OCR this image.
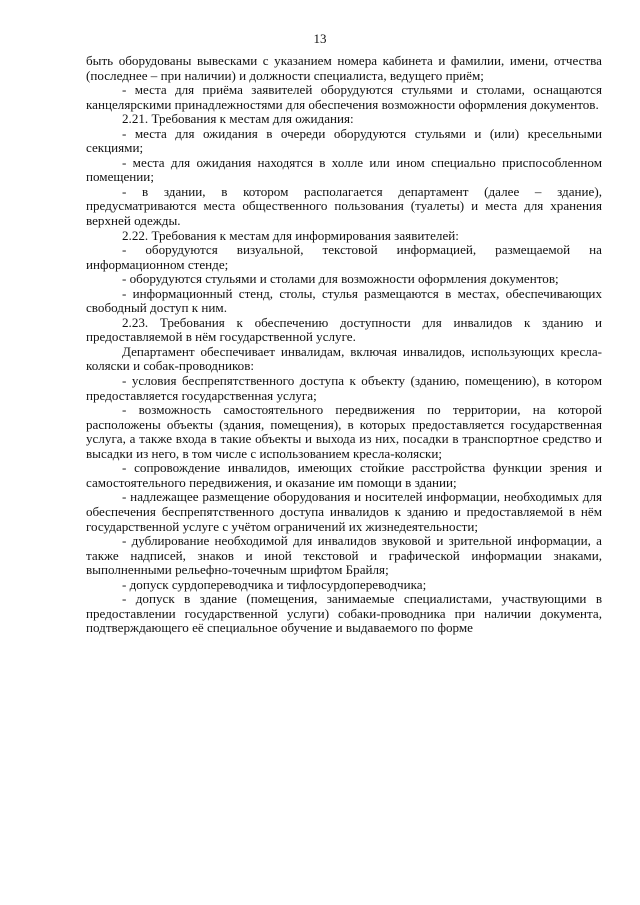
13

быть оборудованы вывесками с указанием номера кабинета и фамилии, имени, отчества (последнее – при наличии) и должности специалиста, ведущего приём;

- места для приёма заявителей оборудуются стульями и столами, оснащаются канцелярскими принадлежностями для обеспечения возможности оформления документов.

2.21. Требования к местам для ожидания:

- места для ожидания в очереди оборудуются стульями и (или) кресельными секциями;

- места для ожидания находятся в холле или ином специально приспособленном помещении;

- в здании, в котором располагается департамент (далее – здание), предусматриваются места общественного пользования (туалеты) и места для хранения верхней одежды.

2.22. Требования к местам для информирования заявителей:

- оборудуются визуальной, текстовой информацией, размещаемой на информационном стенде;

- оборудуются стульями и столами для возможности оформления документов;

- информационный стенд, столы, стулья размещаются в местах, обеспечивающих свободный доступ к ним.

2.23. Требования к обеспечению доступности для инвалидов к зданию и предоставляемой в нём государственной услуге.

Департамент обеспечивает инвалидам, включая инвалидов, использующих кресла-коляски и собак-проводников:

- условия беспрепятственного доступа к объекту (зданию, помещению), в котором предоставляется государственная услуга;

- возможность самостоятельного передвижения по территории, на которой расположены объекты (здания, помещения), в которых предоставляется государственная услуга, а также входа в такие объекты и выхода из них, посадки в транспортное средство и высадки из него, в том числе с использованием кресла-коляски;

- сопровождение инвалидов, имеющих стойкие расстройства функции зрения и самостоятельного передвижения, и оказание им помощи в здании;

- надлежащее размещение оборудования и носителей информации, необходимых для обеспечения беспрепятственного доступа инвалидов к зданию и предоставляемой в нём государственной услуге с учётом ограничений их жизнедеятельности;

- дублирование необходимой для инвалидов звуковой и зрительной информации, а также надписей, знаков и иной текстовой и графической информации знаками, выполненными рельефно-точечным шрифтом Брайля;

- допуск сурдопереводчика и тифлосурдопереводчика;

- допуск в здание (помещения, занимаемые специалистами, участвующими в предоставлении государственной услуги) собаки-проводника при наличии документа, подтверждающего её специальное обучение и выдаваемого по форме
